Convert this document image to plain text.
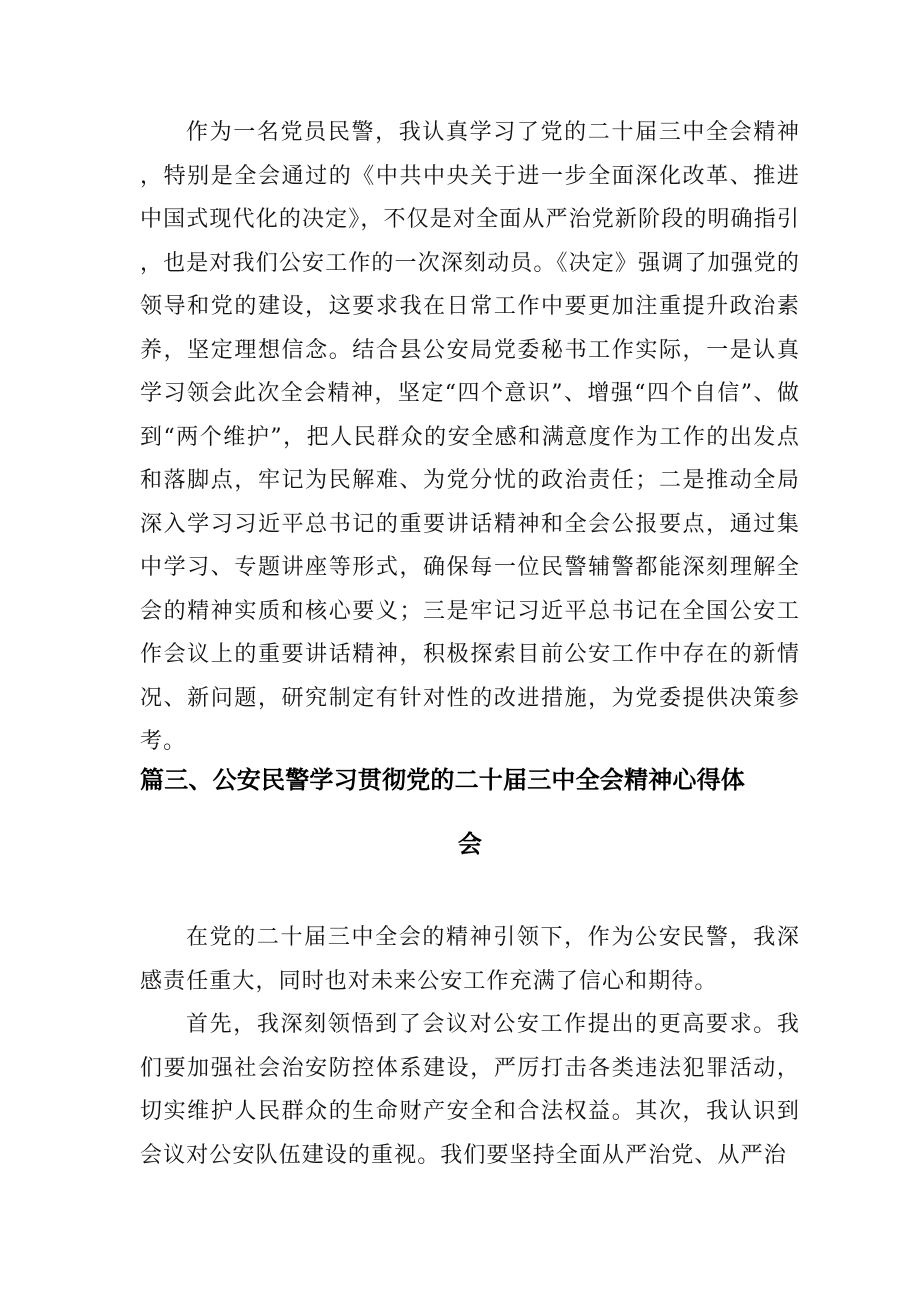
作为一名党员民警，我认真学习了党的二十届三中全会精神，特别是全会通过的《中共中央关于进一步全面深化改革、推进中国式现代化的决定》，不仅是对全面从严治党新阶段的明确指引，也是对我们公安工作的一次深刻动员。《决定》强调了加强党的领导和党的建设，这要求我在日常工作中要更加注重提升政治素养，坚定理想信念。结合县公安局党委秘书工作实际，一是认真学习领会此次全会精神，坚定“四个意识”、增强“四个自信”、做到“两个维护”，把人民群众的安全感和满意度作为工作的出发点和落脚点，牢记为民解难、为党分忧的政治责任；二是推动全局深入学习习近平总书记的重要讲话精神和全会公报要点，通过集中学习、专题讲座等形式，确保每一位民警辅警都能深刻理解全会的精神实质和核心要义；三是牢记习近平总书记在全国公安工作会议上的重要讲话精神，积极探索目前公安工作中存在的新情况、新问题，研究制定有针对性的改进措施，为党委提供决策参考。

篇三、公安民警学习贯彻党的二十届三中全会精神心得体
会

在党的二十届三中全会的精神引领下，作为公安民警，我深感责任重大，同时也对未来公安工作充满了信心和期待。

首先，我深刻领悟到了会议对公安工作提出的更高要求。我们要加强社会治安防控体系建设，严厉打击各类违法犯罪活动，切实维护人民群众的生命财产安全和合法权益。其次，我认识到会议对公安队伍建设的重视。我们要坚持全面从严治党、从严治
